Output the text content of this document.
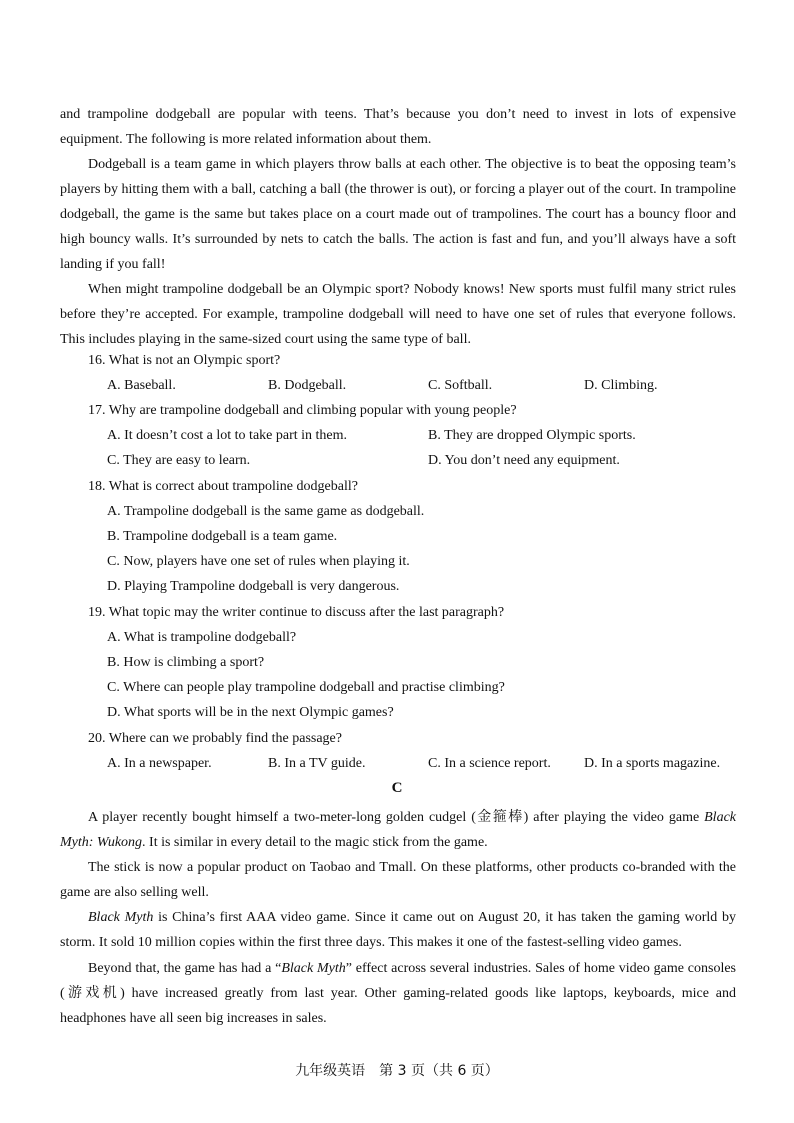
and trampoline dodgeball are popular with teens. That’s because you don’t need to invest in lots of expensive equipment. The following is more related information about them.

Dodgeball is a team game in which players throw balls at each other. The objective is to beat the opposing team’s players by hitting them with a ball, catching a ball (the thrower is out), or forcing a player out of the court. In trampoline dodgeball, the game is the same but takes place on a court made out of trampolines. The court has a bouncy floor and high bouncy walls. It’s surrounded by nets to catch the balls. The action is fast and fun, and you’ll always have a soft landing if you fall!

When might trampoline dodgeball be an Olympic sport? Nobody knows! New sports must fulfil many strict rules before they’re accepted. For example, trampoline dodgeball will need to have one set of rules that everyone follows. This includes playing in the same-sized court using the same type of ball.

16. What is not an Olympic sport?

A. Baseball.	B. Dodgeball.	C. Softball.	D. Climbing.

17. Why are trampoline dodgeball and climbing popular with young people?

A. It doesn’t cost a lot to take part in them.	B. They are dropped Olympic sports.

C. They are easy to learn.	D. You don’t need any equipment.

18. What is correct about trampoline dodgeball?

A. Trampoline dodgeball is the same game as dodgeball.

B. Trampoline dodgeball is a team game.

C. Now, players have one set of rules when playing it.

D. Playing Trampoline dodgeball is very dangerous.

19. What topic may the writer continue to discuss after the last paragraph?

A. What is trampoline dodgeball?

B. How is climbing a sport?

C. Where can people play trampoline dodgeball and practise climbing?

D. What sports will be in the next Olympic games?

20. Where can we probably find the passage?

A. In a newspaper.	B. In a TV guide.	C. In a science report. D. In a sports magazine.

C

A player recently bought himself a two-meter-long golden cudgel (金箍棒) after playing the video game Black Myth: Wukong. It is similar in every detail to the magic stick from the game.

The stick is now a popular product on Taobao and Tmall. On these platforms, other products co-branded with the game are also selling well.

Black Myth is China’s first AAA video game. Since it came out on August 20, it has taken the gaming world by storm. It sold 10 million copies within the first three days. This makes it one of the fastest-selling video games.

Beyond that, the game has had a “Black Myth” effect across several industries. Sales of home video game consoles (游戏机) have increased greatly from last year. Other gaming-related goods like laptops, keyboards, mice and headphones have all seen big increases in sales.

九年级英语　第 3 页（共 6 页）
